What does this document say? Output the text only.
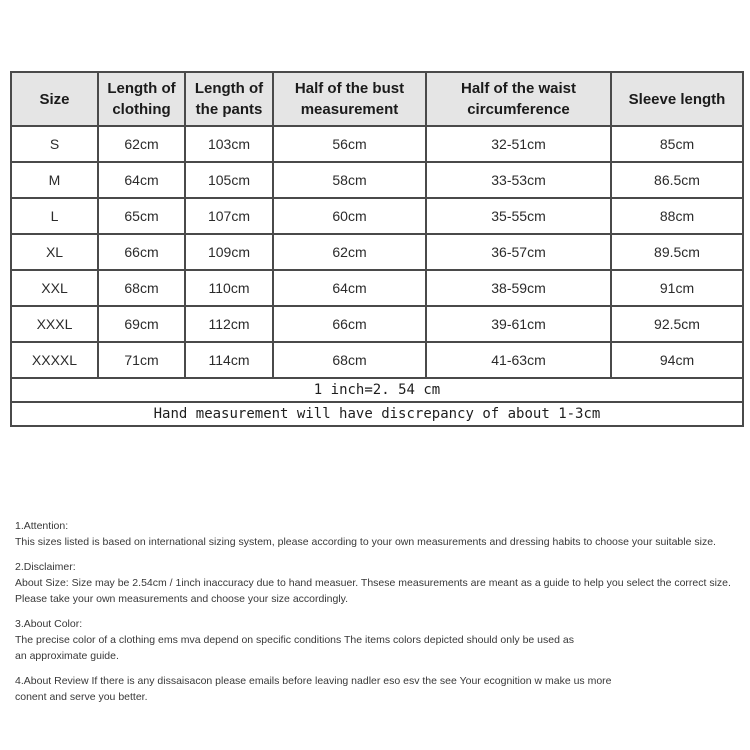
Size	Length of clothing	Length of the pants	Half of the bust measurement	Half of the waist circumference	Sleeve length
S	62cm	103cm	56cm	32-51cm	85cm
M	64cm	105cm	58cm	33-53cm	86.5cm
L	65cm	107cm	60cm	35-55cm	88cm
XL	66cm	109cm	62cm	36-57cm	89.5cm
XXL	68cm	110cm	64cm	38-59cm	91cm
XXXL	69cm	112cm	66cm	39-61cm	92.5cm
XXXXL	71cm	114cm	68cm	41-63cm	94cm
1 inch=2. 54 cm					
Hand measurement will have discrepancy of about 1-3cm					
1.Attention:
This sizes listed is based on international sizing system, please according to your own measurements and dressing habits to choose your suitable size.
2.Disclaimer:
About Size: Size may be 2.54cm / 1inch inaccuracy due to hand measuer. Thsese measurements are meant as a guide to help you select the correct size.
Please take your own measurements and choose your size accordingly.
3.About Color:
The precise color of a clothing ems mva depend on specific conditions The items colors depicted should only be used as
an approximate guide.
4.About Review If there is any dissaisacon please emails before leaving nadler eso esv the see Your ecognition w make us more
conent and serve you better.
